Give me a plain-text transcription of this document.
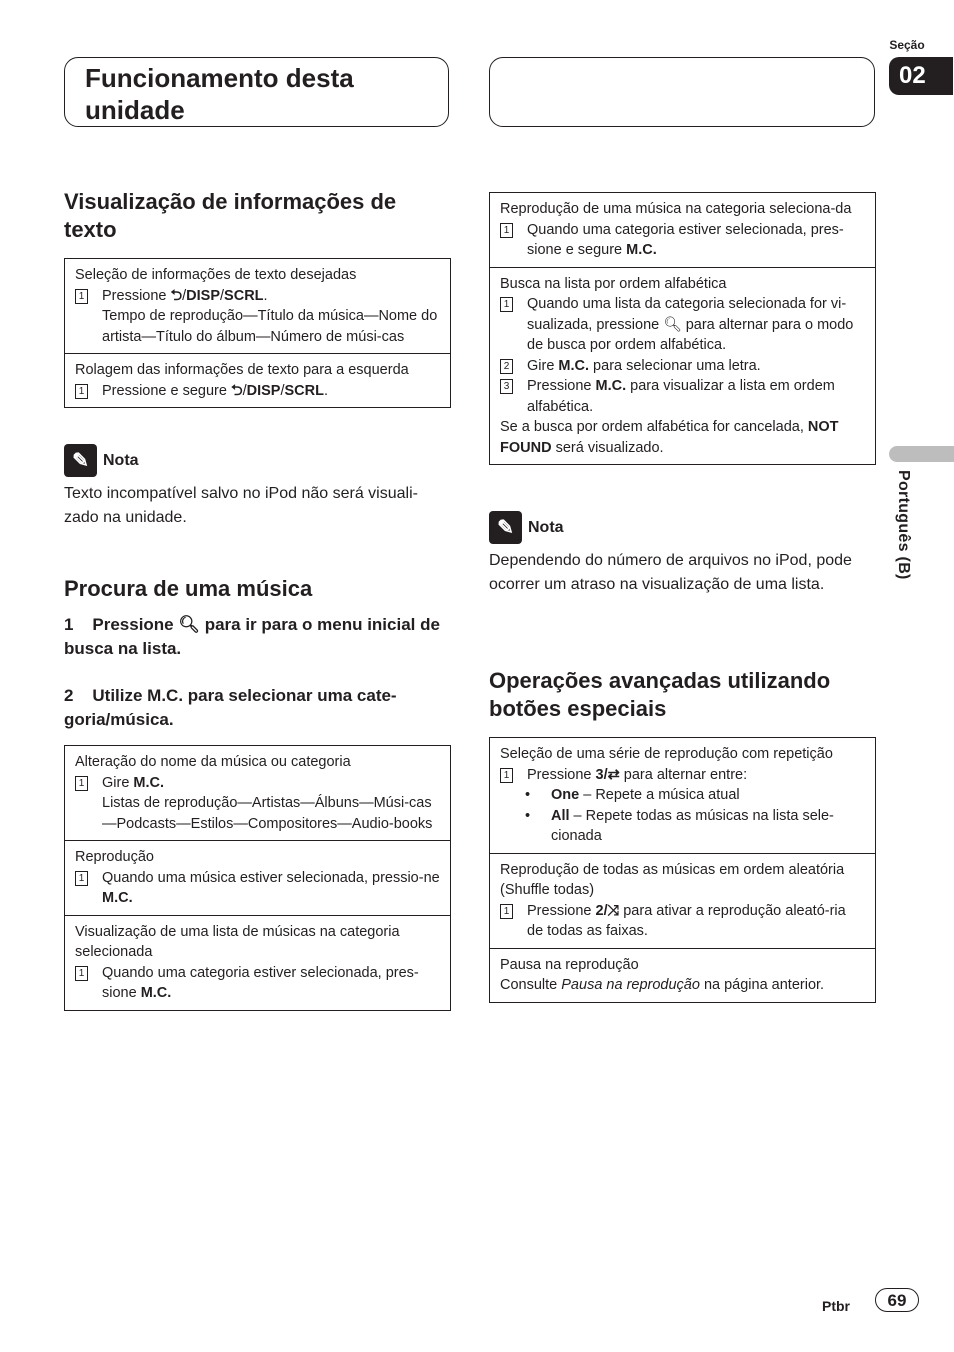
Funcionamento desta
unidade
Seção
02
Português (B)
Visualização de informações de texto
Seleção de informações de texto desejadas
1 Pressione ⮌/DISP/SCRL.
Tempo de reprodução—Título da música—Nome do artista—Título do álbum—Número de músi-cas
Rolagem das informações de texto para a esquerda
1 Pressione e segure ⮌/DISP/SCRL.
✎ Nota
Texto incompatível salvo no iPod não será visuali-zado na unidade.
Procura de uma música
1 Pressione 🔍︎ para ir para o menu inicial de busca na lista.
2 Utilize M.C. para selecionar uma cate-goria/música.
Alteração do nome da música ou categoria
1 Gire M.C.
Listas de reprodução—Artistas—Álbuns—Músi-cas—Podcasts—Estilos—Compositores—Audio-books
Reprodução
1 Quando uma música estiver selecionada, pressio-ne M.C.
Visualização de uma lista de músicas na categoria selecionada
1 Quando uma categoria estiver selecionada, pres-sione M.C.
Reprodução de uma música na categoria seleciona-da
1 Quando uma categoria estiver selecionada, pres-sione e segure M.C.
Busca na lista por ordem alfabética
1 Quando uma lista da categoria selecionada for vi-sualizada, pressione 🔍︎ para alternar para o modo de busca por ordem alfabética.
2 Gire M.C. para selecionar uma letra.
3 Pressione M.C. para visualizar a lista em ordem alfabética.
Se a busca por ordem alfabética for cancelada, NOT FOUND será visualizado.
✎ Nota
Dependendo do número de arquivos no iPod, pode ocorrer um atraso na visualização de uma lista.
Operações avançadas utilizando botões especiais
Seleção de uma série de reprodução com repetição
1 Pressione 3/⇄ para alternar entre:
•	One – Repete a música atual
•	All – Repete todas as músicas na lista sele-cionada
Reprodução de todas as músicas em ordem aleatória (Shuffle todas)
1 Pressione 2/⤨ para ativar a reprodução aleató-ria de todas as faixas.
Pausa na reprodução
Consulte Pausa na reprodução na página anterior.
Ptbr	69
